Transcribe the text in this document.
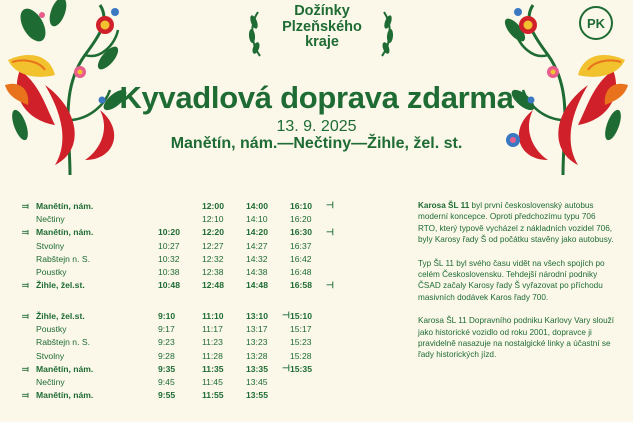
Dožínky
Plzeňského
kraje
PK
Kyvadlová doprava zdarma
13. 9. 2025
Manětín, nám.—Nečtiny—Žihle, žel. st.
⫤	Manětín, nám.		12:00	14:00	16:10
	Nečtiny		12:10	14:10	16:20
⫤	Manětín, nám.	10:20	12:20	14:20	16:30
	Stvolny	10:27	12:27	14:27	16:37
	Rabštejn n. S.	10:32	12:32	14:32	16:42
	Poustky	10:38	12:38	14:38	16:48
⫤	Žihle, žel.st.	10:48	12:48	14:48	16:58
⫤	Žihle, žel.st.	9:10	11:10	13:10	15:10
	Poustky	9:17	11:17	13:17	15:17
	Rabštejn n. S.	9:23	11:23	13:23	15:23
	Stvolny	9:28	11:28	13:28	15:28
⫤	Manětín, nám.	9:35	11:35	13:35	15:35
	Nečtiny	9:45	11:45	13:45	
⫤	Manětín, nám.	9:55	11:55	13:55	
⊣
⊣
⊣
⊣
⊣

Karosa ŠL 11 byl první československý autobus moderní koncepce. Oproti předchozímu typu 706 RTO, který typově vycházel z nákladních vozidel 706, byly Karosy řady Š od počátku stavěny jako autobusy.

Typ ŠL 11 byl svého času vidět na všech spojích po celém Československu. Tehdejší národní podniky ČSAD začaly Karosy řady Š vyřazovat po příchodu masivních dodávek Karos řady 700.

Karosa ŠL 11 Dopravního podniku Karlovy Vary slouží jako historické vozidlo od roku 2001, dopravce ji pravidelně nasazuje na nostalgické linky a účastní se řady historických jízd.
